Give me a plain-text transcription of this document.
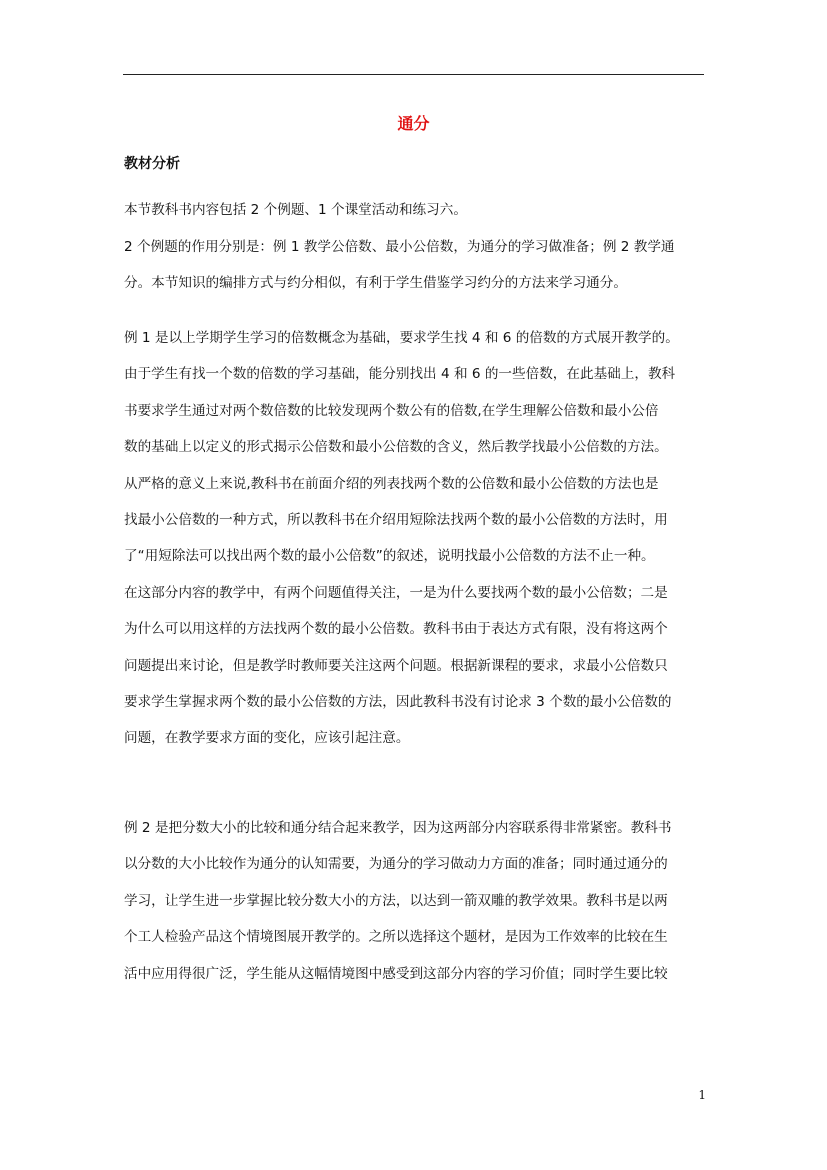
通分
教材分析
本节教科书内容包括 2 个例题、1 个课堂活动和练习六。
2 个例题的作用分别是：例 1 教学公倍数、最小公倍数，为通分的学习做准备；例 2 教学通
分。本节知识的编排方式与约分相似，有利于学生借鉴学习约分的方法来学习通分。
例 1 是以上学期学生学习的倍数概念为基础，要求学生找 4 和 6 的倍数的方式展开教学的。
由于学生有找一个数的倍数的学习基础，能分别找出 4 和 6 的一些倍数，在此基础上，教科
书要求学生通过对两个数倍数的比较发现两个数公有的倍数,在学生理解公倍数和最小公倍
数的基础上以定义的形式揭示公倍数和最小公倍数的含义，然后教学找最小公倍数的方法。
从严格的意义上来说,教科书在前面介绍的列表找两个数的公倍数和最小公倍数的方法也是
找最小公倍数的一种方式，所以教科书在介绍用短除法找两个数的最小公倍数的方法时，用
了“用短除法可以找出两个数的最小公倍数”的叙述，说明找最小公倍数的方法不止一种。
在这部分内容的教学中，有两个问题值得关注，一是为什么要找两个数的最小公倍数；二是
为什么可以用这样的方法找两个数的最小公倍数。教科书由于表达方式有限，没有将这两个
问题提出来讨论，但是教学时教师要关注这两个问题。根据新课程的要求，求最小公倍数只
要求学生掌握求两个数的最小公倍数的方法，因此教科书没有讨论求 3 个数的最小公倍数的
问题，在教学要求方面的变化，应该引起注意。
例 2 是把分数大小的比较和通分结合起来教学，因为这两部分内容联系得非常紧密。教科书
以分数的大小比较作为通分的认知需要，为通分的学习做动力方面的准备；同时通过通分的
学习，让学生进一步掌握比较分数大小的方法，以达到一箭双雕的教学效果。教科书是以两
个工人检验产品这个情境图展开教学的。之所以选择这个题材，是因为工作效率的比较在生
活中应用得很广泛，学生能从这幅情境图中感受到这部分内容的学习价值；同时学生要比较
1
